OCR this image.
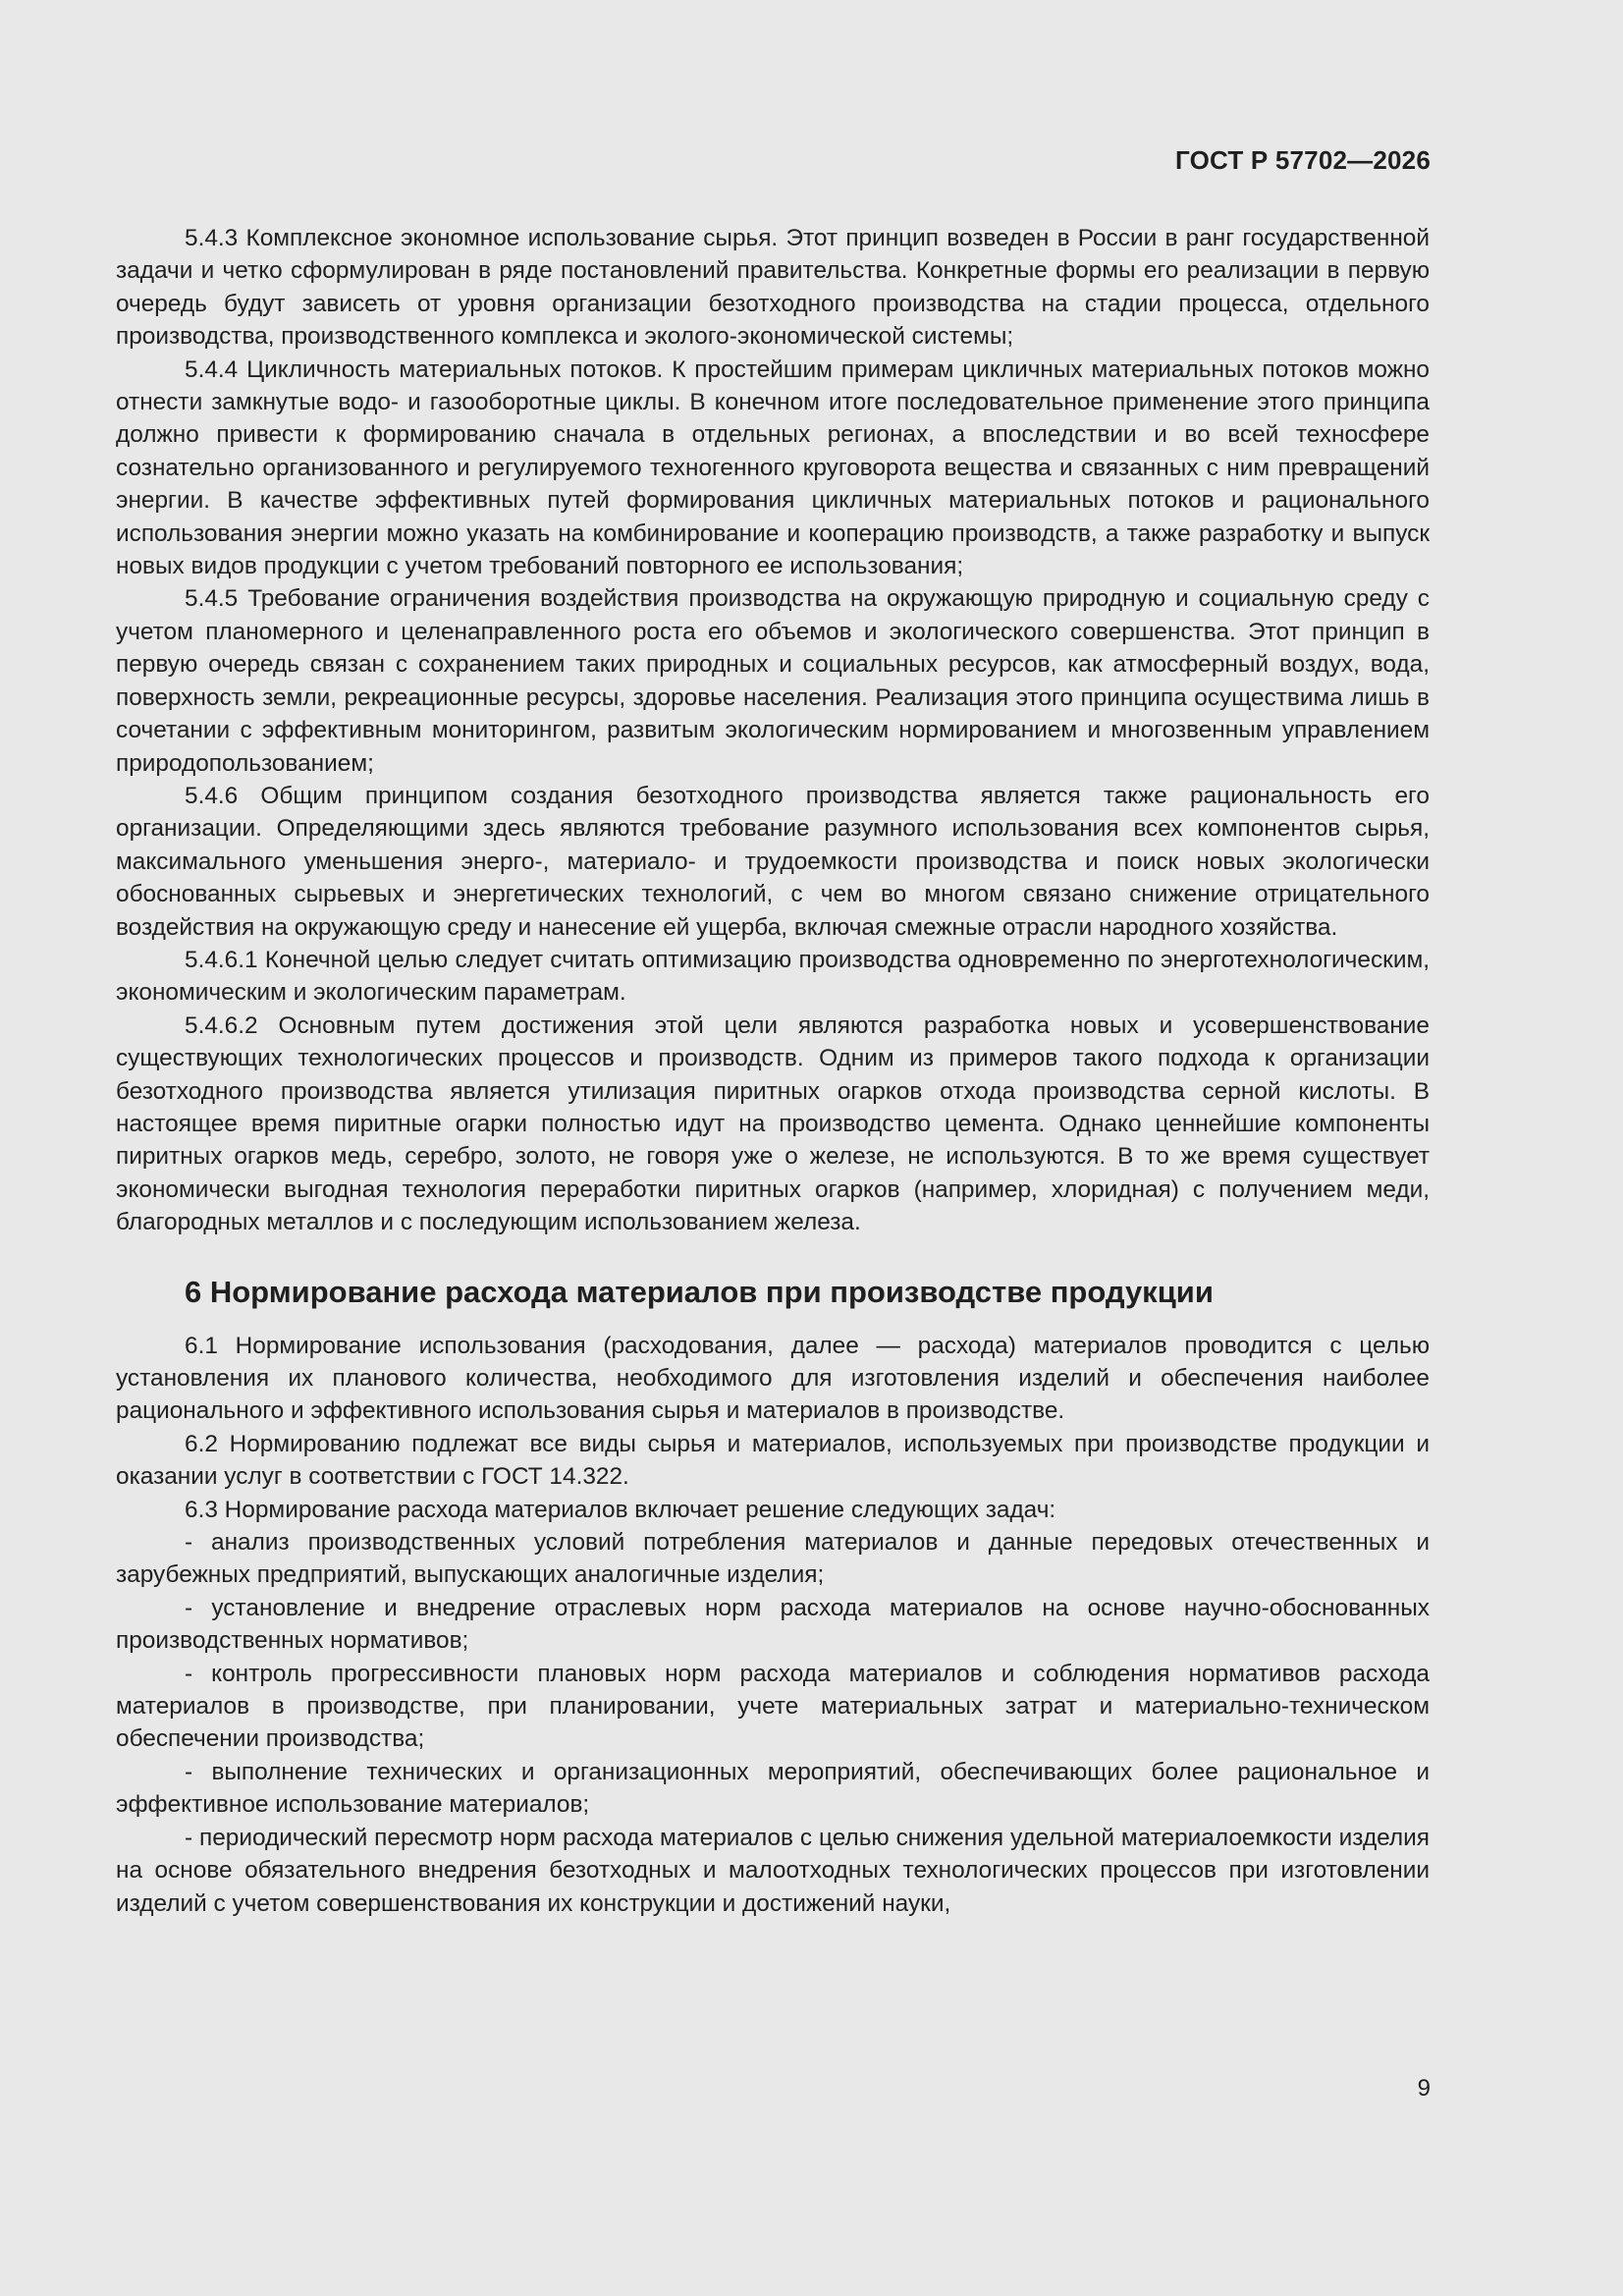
ГОСТ Р 57702—2026

5.4.3 Комплексное экономное использование сырья. Этот принцип возведен в России в ранг государственной задачи и четко сформулирован в ряде постановлений правительства. Конкретные формы его реализации в первую очередь будут зависеть от уровня организации безотходного производства на стадии процесса, отдельного производства, производственного комплекса и эколого-экономической системы;

5.4.4 Цикличность материальных потоков. К простейшим примерам цикличных материальных потоков можно отнести замкнутые водо- и газооборотные циклы. В конечном итоге последовательное применение этого принципа должно привести к формированию сначала в отдельных регионах, а впоследствии и во всей техносфере сознательно организованного и регулируемого техногенного круговорота вещества и связанных с ним превращений энергии. В качестве эффективных путей формирования цикличных материальных потоков и рационального использования энергии можно указать на комбинирование и кооперацию производств, а также разработку и выпуск новых видов продукции с учетом требований повторного ее использования;

5.4.5 Требование ограничения воздействия производства на окружающую природную и социальную среду с учетом планомерного и целенаправленного роста его объемов и экологического совершенства. Этот принцип в первую очередь связан с сохранением таких природных и социальных ресурсов, как атмосферный воздух, вода, поверхность земли, рекреационные ресурсы, здоровье населения. Реализация этого принципа осуществима лишь в сочетании с эффективным мониторингом, развитым экологическим нормированием и многозвенным управлением природопользованием;

5.4.6 Общим принципом создания безотходного производства является также рациональность его организации. Определяющими здесь являются требование разумного использования всех компонентов сырья, максимального уменьшения энерго-, материало- и трудоемкости производства и поиск новых экологически обоснованных сырьевых и энергетических технологий, с чем во многом связано снижение отрицательного воздействия на окружающую среду и нанесение ей ущерба, включая смежные отрасли народного хозяйства.

5.4.6.1 Конечной целью следует считать оптимизацию производства одновременно по энерготехнологическим, экономическим и экологическим параметрам.

5.4.6.2 Основным путем достижения этой цели являются разработка новых и усовершенствование существующих технологических процессов и производств. Одним из примеров такого подхода к организации безотходного производства является утилизация пиритных огарков отхода производства серной кислоты. В настоящее время пиритные огарки полностью идут на производство цемента. Однако ценнейшие компоненты пиритных огарков медь, серебро, золото, не говоря уже о железе, не используются. В то же время существует экономически выгодная технология переработки пиритных огарков (например, хлоридная) с получением меди, благородных металлов и с последующим использованием железа.

6 Нормирование расхода материалов при производстве продукции

6.1 Нормирование использования (расходования, далее — расхода) материалов проводится с целью установления их планового количества, необходимого для изготовления изделий и обеспечения наиболее рационального и эффективного использования сырья и материалов в производстве.

6.2 Нормированию подлежат все виды сырья и материалов, используемых при производстве продукции и оказании услуг в соответствии с ГОСТ 14.322.

6.3 Нормирование расхода материалов включает решение следующих задач:

- анализ производственных условий потребления материалов и данные передовых отечественных и зарубежных предприятий, выпускающих аналогичные изделия;

- установление и внедрение отраслевых норм расхода материалов на основе научно-обоснованных производственных нормативов;

- контроль прогрессивности плановых норм расхода материалов и соблюдения нормативов расхода материалов в производстве, при планировании, учете материальных затрат и материально-техническом обеспечении производства;

- выполнение технических и организационных мероприятий, обеспечивающих более рациональное и эффективное использование материалов;

- периодический пересмотр норм расхода материалов с целью снижения удельной материалоемкости изделия на основе обязательного внедрения безотходных и малоотходных технологических процессов при изготовлении изделий с учетом совершенствования их конструкции и достижений науки,

9
